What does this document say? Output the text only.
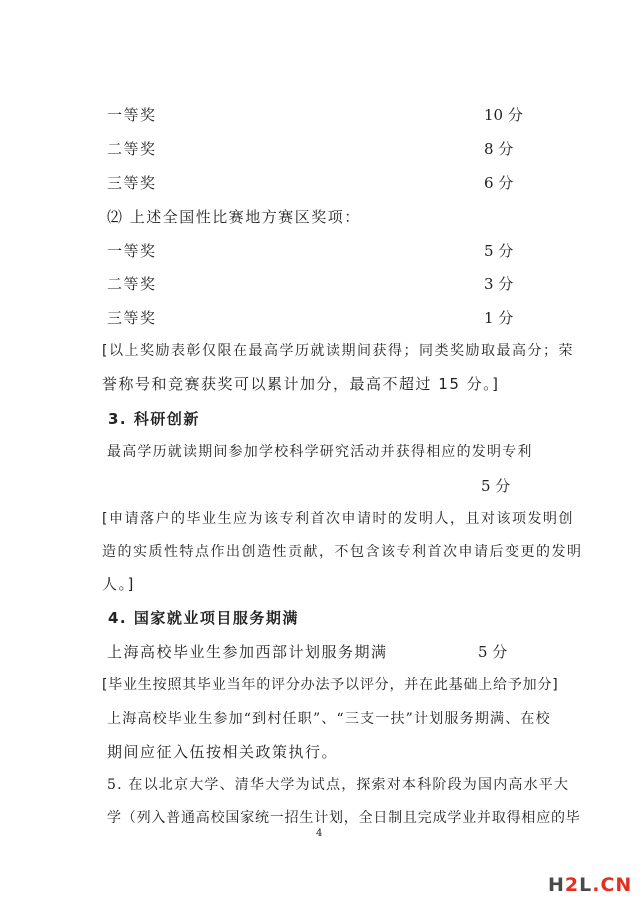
一等奖	10 分
二等奖	8 分
三等奖	6 分
⑵ 上述全国性比赛地方赛区奖项：
一等奖	5 分
二等奖	3 分
三等奖	1 分
[以上奖励表彰仅限在最高学历就读期间获得；同类奖励取最高分；荣
誉称号和竞赛获奖可以累计加分，最高不超过 15 分。]
3. 科研创新
最高学历就读期间参加学校科学研究活动并获得相应的发明专利
5 分
[申请落户的毕业生应为该专利首次申请时的发明人，且对该项发明创
造的实质性特点作出创造性贡献，不包含该专利首次申请后变更的发明
人。]
4. 国家就业项目服务期满
上海高校毕业生参加西部计划服务期满	5 分
[毕业生按照其毕业当年的评分办法予以评分，并在此基础上给予加分]
上海高校毕业生参加“到村任职”、“三支一扶”计划服务期满、在校
期间应征入伍按相关政策执行。
5. 在以北京大学、清华大学为试点，探索对本科阶段为国内高水平大
学（列入普通高校国家统一招生计划，全日制且完成学业并取得相应的毕
4
H2L.CN
